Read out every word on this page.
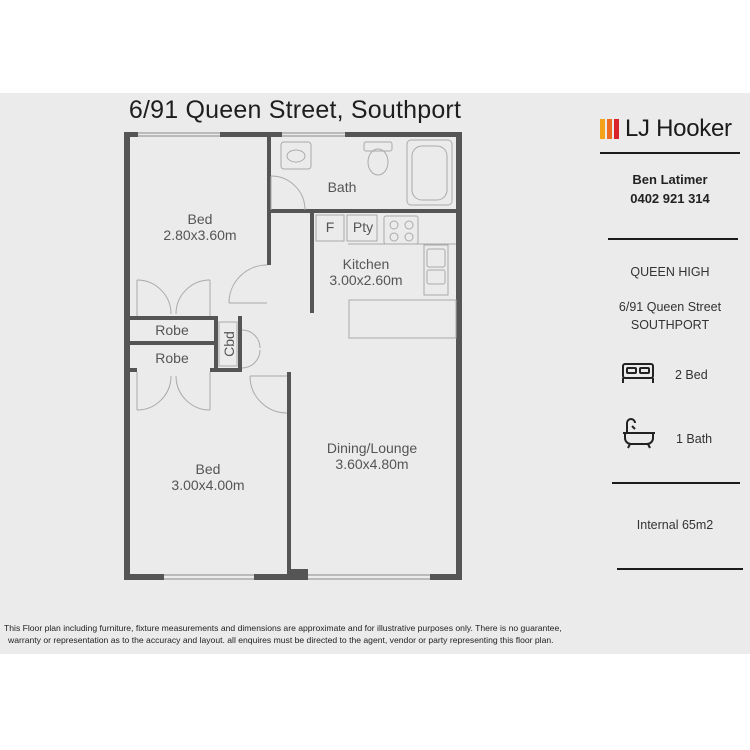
6/91 Queen Street, Southport
Bed
2.80x3.60m
Bath
F	Pty
Kitchen
3.00x2.60m
Robe
Robe
Cbd
Bed
3.00x4.00m
Dining/Lounge
3.60x4.80m

This Floor plan including furniture, fixture measurements and dimensions are approximate and for illustrative purposes only. There is no guarantee,

warranty or representation as to the accuracy and layout. all enquires must be directed to the agent, vendor or party representing this floor plan.

LJ Hooker
Ben Latimer
0402 921 314
QUEEN HIGH
6/91 Queen Street
SOUTHPORT
2 Bed
1 Bath
Internal 65m2
